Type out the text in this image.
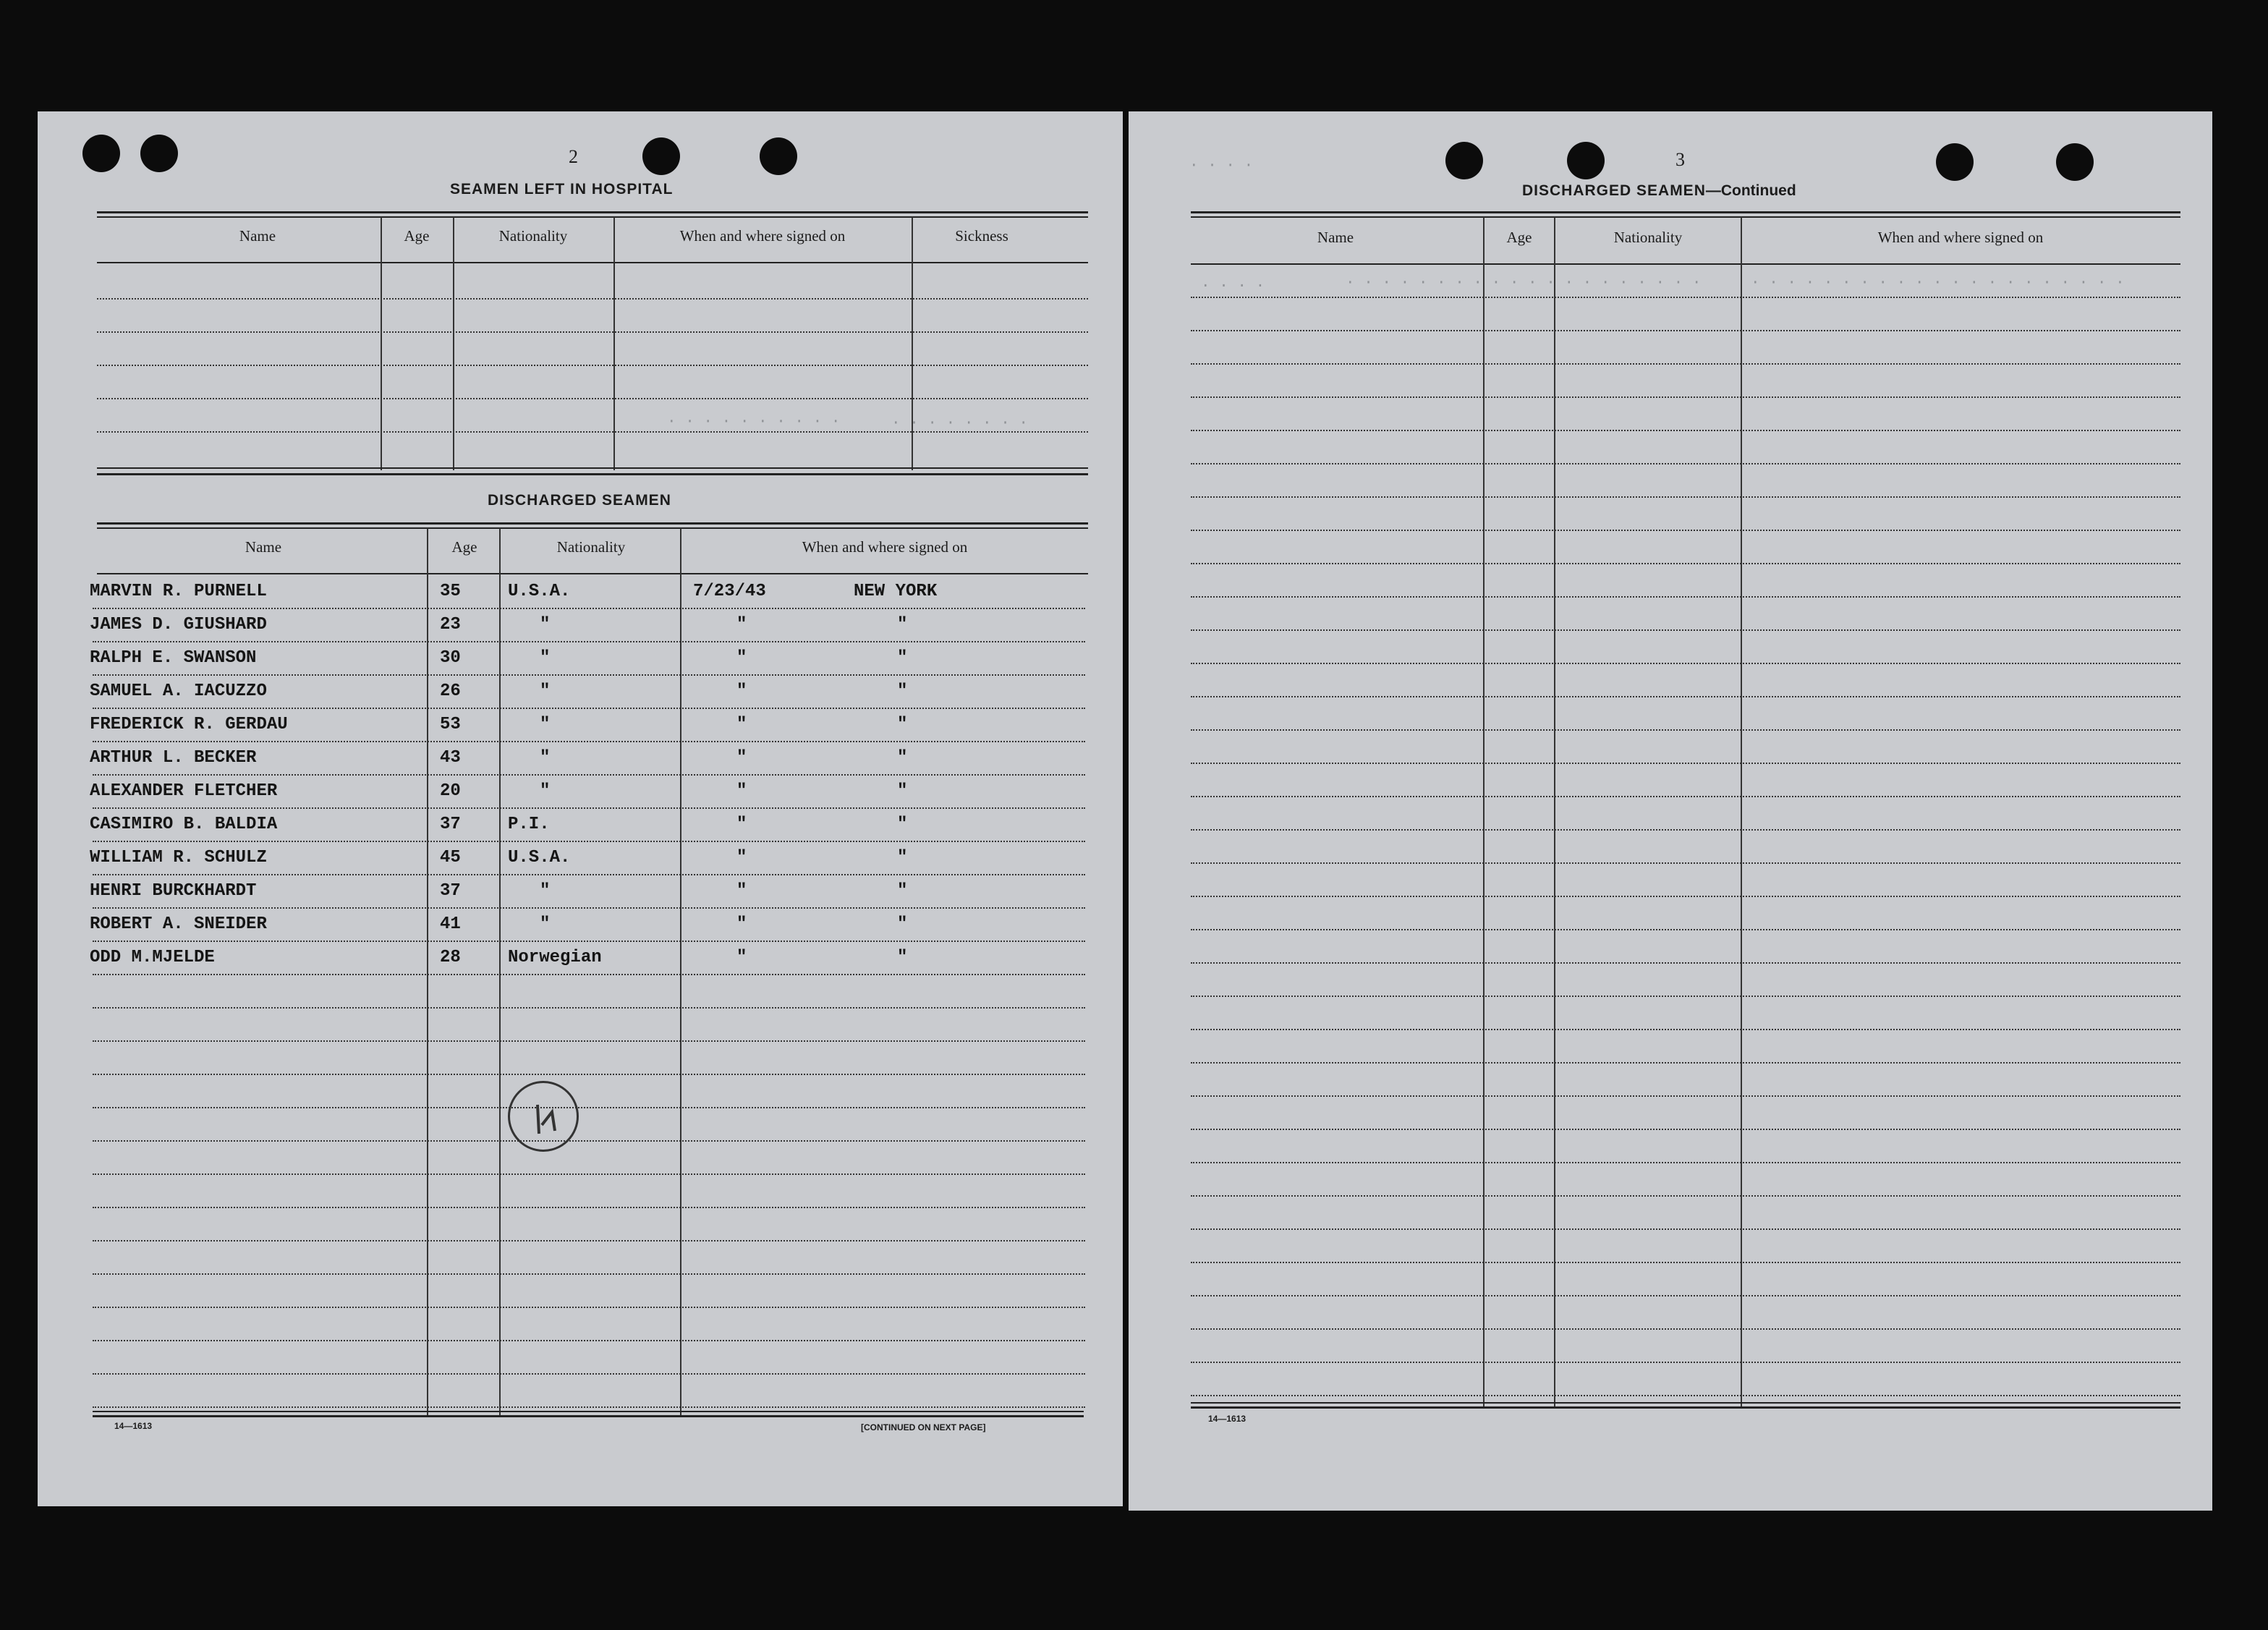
2
SEAMEN LEFT IN HOSPITAL
Name	Age	Nationality	When and where signed on	Sickness
· · · · · · · · · ·	· · · · · · · ·
DISCHARGED SEAMEN
Name	Age	Nationality	When and where signed on
MARVIN R. PURNELL	35	U.S.A.	7/23/43	NEW YORK
JAMES D. GIUSHARD	23	"	"	"
RALPH E. SWANSON	30	"	"	"
SAMUEL A. IACUZZO	26	"	"	"
FREDERICK R. GERDAU	53	"	"	"
ARTHUR L. BECKER	43	"	"	"
ALEXANDER FLETCHER	20	"	"	"
CASIMIRO B. BALDIA	37	P.I.	"	"
WILLIAM R. SCHULZ	45	U.S.A.	"	"
HENRI BURCKHARDT	37	"	"	"
ROBERT A. SNEIDER	41	"	"	"
ODD M.MJELDE	28	Norwegian	"	"
14—1613	[CONTINUED ON NEXT PAGE]
· · · ·	3
DISCHARGED SEAMEN—Continued
Name	Age	Nationality	When and where signed on
. . . .	· · · · · · · · · · · · · · · · · · · ·	· · · · · · · · · · · · · · · · · · · · ·
14—1613
